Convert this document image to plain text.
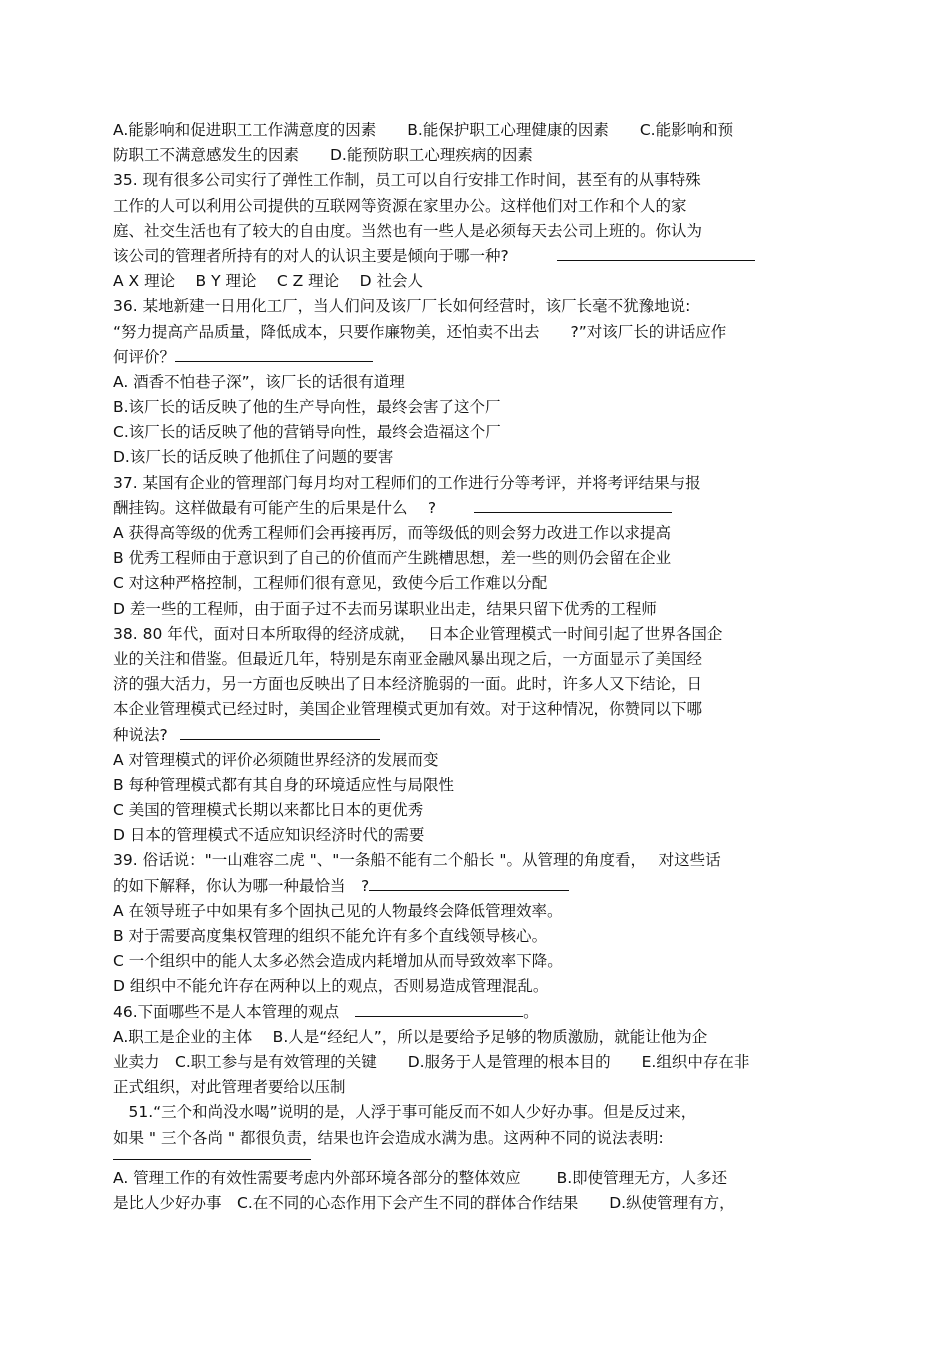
A.能影响和促进职工工作满意度的因素　　B.能保护职工心理健康的因素　　C.能影响和预
防职工不满意感发生的因素　　D.能预防职工心理疾病的因素
35. 现有很多公司实行了弹性工作制，员工可以自行安排工作时间，甚至有的从事特殊
工作的人可以利用公司提供的互联网等资源在家里办公。这样他们对工作和个人的家
庭、社交生活也有了较大的自由度。当然也有一些人是必须每天去公司上班的。你认为
该公司的管理者所持有的对人的认识主要是倾向于哪一种?
A X 理论　 B Y 理论　 C Z 理论　 D 社会人
36. 某地新建一日用化工厂，当人们问及该厂厂长如何经营时，该厂长毫不犹豫地说:
“努力提高产品质量，降低成本，只要作廉物美，还怕卖不出去　　?”对该厂长的讲话应作
何评价？
A. 酒香不怕巷子深”，该厂长的话很有道理
B.该厂长的话反映了他的生产导向性，最终会害了这个厂
C.该厂长的话反映了他的营销导向性，最终会造福这个厂
D.该厂长的话反映了他抓住了问题的要害
37. 某国有企业的管理部门每月均对工程师们的工作进行分等考评，并将考评结果与报
酬挂钩。这样做最有可能产生的后果是什么　 ?
A 获得高等级的优秀工程师们会再接再厉，而等级低的则会努力改进工作以求提高
B 优秀工程师由于意识到了自己的价值而产生跳槽思想，差一些的则仍会留在企业
C 对这种严格控制，工程师们很有意见，致使今后工作难以分配
D 差一些的工程师，由于面子过不去而另谋职业出走，结果只留下优秀的工程师
38. 80 年代，面对日本所取得的经济成就，　 日本企业管理模式一时间引起了世界各国企
业的关注和借鉴。但最近几年，特别是东南亚金融风暴出现之后，一方面显示了美国经
济的强大活力，另一方面也反映出了日本经济脆弱的一面。此时，许多人又下结论，日
本企业管理模式已经过时，美国企业管理模式更加有效。对于这种情况，你赞同以下哪
种说法?
A 对管理模式的评价必须随世界经济的发展而变
B 每种管理模式都有其自身的环境适应性与局限性
C 美国的管理模式长期以来都比日本的更优秀
D 日本的管理模式不适应知识经济时代的需要
39. 俗话说："一山难容二虎 "、"一条船不能有二个船长 "。从管理的角度看，　 对这些话
的如下解释，你认为哪一种最恰当　?
A 在领导班子中如果有多个固执己见的人物最终会降低管理效率。
B 对于需要高度集权管理的组织不能允许有多个直线领导核心。
C 一个组织中的能人太多必然会造成内耗增加从而导致效率下降。
D 组织中不能允许存在两种以上的观点，否则易造成管理混乱。
46.下面哪些不是人本管理的观点	。
A.职工是企业的主体　 B.人是“经纪人”，所以是要给予足够的物质激励，就能让他为企
业卖力　C.职工参与是有效管理的关键　　D.服务于人是管理的根本目的　　E.组织中存在非
正式组织，对此管理者要给以压制
　51.“三个和尚没水喝”说明的是，人浮于事可能反而不如人少好办事。但是反过来，
如果 " 三个各尚 " 都很负责，结果也许会造成水满为患。这两种不同的说法表明:
A. 管理工作的有效性需要考虑内外部环境各部分的整体效应　　 B.即使管理无方，人多还
是比人少好办事　C.在不同的心态作用下会产生不同的群体合作结果　　D.纵使管理有方，
